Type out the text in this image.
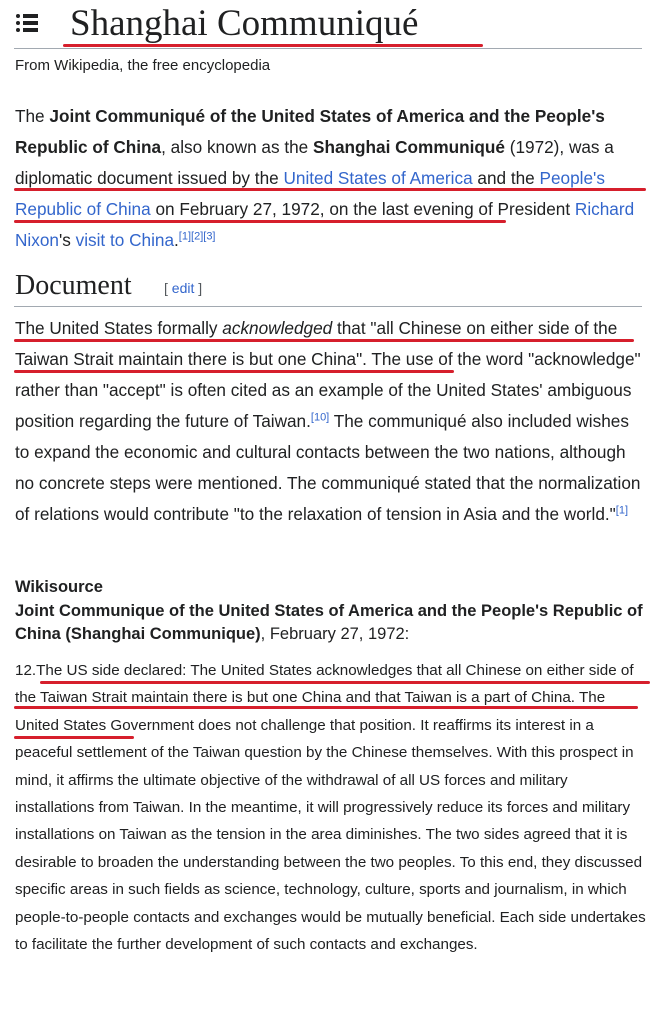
Shanghai Communiqué
From Wikipedia, the free encyclopedia

The Joint Communiqué of the United States of America and the People's Republic of China, also known as the Shanghai Communiqué (1972), was a diplomatic document issued by the United States of America and the People's Republic of China on February 27, 1972, on the last evening of President Richard Nixon's visit to China.[1][2][3]

Document [ edit ]

The United States formally acknowledged that "all Chinese on either side of the Taiwan Strait maintain there is but one China". The use of the word "acknowledge" rather than "accept" is often cited as an example of the United States' ambiguous position regarding the future of Taiwan.[10] The communiqué also included wishes to expand the economic and cultural contacts between the two nations, although no concrete steps were mentioned. The communiqué stated that the normalization of relations would contribute "to the relaxation of tension in Asia and the world."[1]

Wikisource
Joint Communique of the United States of America and the People's Republic of China (Shanghai Communique), February 27, 1972:

12.The US side declared: The United States acknowledges that all Chinese on either side of the Taiwan Strait maintain there is but one China and that Taiwan is a part of China. The United States Government does not challenge that position. It reaffirms its interest in a peaceful settlement of the Taiwan question by the Chinese themselves. With this prospect in mind, it affirms the ultimate objective of the withdrawal of all US forces and military installations from Taiwan. In the meantime, it will progressively reduce its forces and military installations on Taiwan as the tension in the area diminishes. The two sides agreed that it is desirable to broaden the understanding between the two peoples. To this end, they discussed specific areas in such fields as science, technology, culture, sports and journalism, in which people-to-people contacts and exchanges would be mutually beneficial. Each side undertakes to facilitate the further development of such contacts and exchanges.
